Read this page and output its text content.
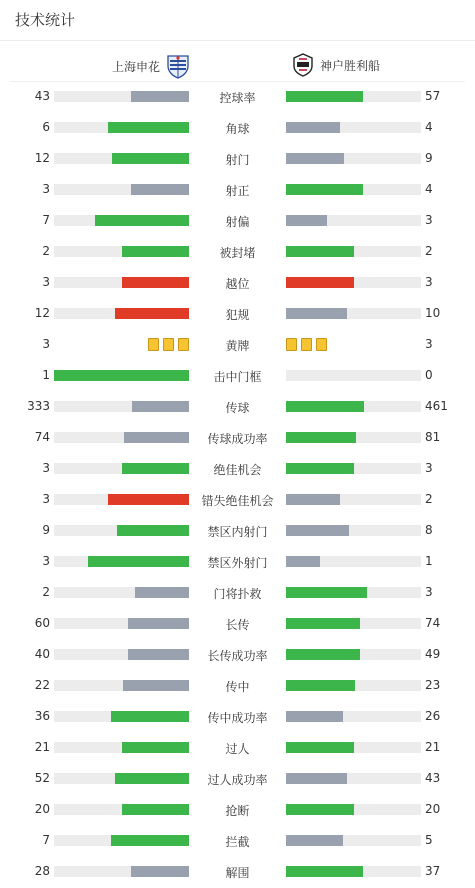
技术统计
上海申花	神户胜利船
43	控球率	57
6	角球	4
12	射门	9
3	射正	4
7	射偏	3
2	被封堵	2
3	越位	3
12	犯规	10
3	黄牌	3
1	击中门框	0
333	传球	461
74	传球成功率	81
3	绝佳机会	3
3	错失绝佳机会	2
9	禁区内射门	8
3	禁区外射门	1
2	门将扑救	3
60	长传	74
40	长传成功率	49
22	传中	23
36	传中成功率	26
21	过人	21
52	过人成功率	43
20	抢断	20
7	拦截	5
28	解围	37
